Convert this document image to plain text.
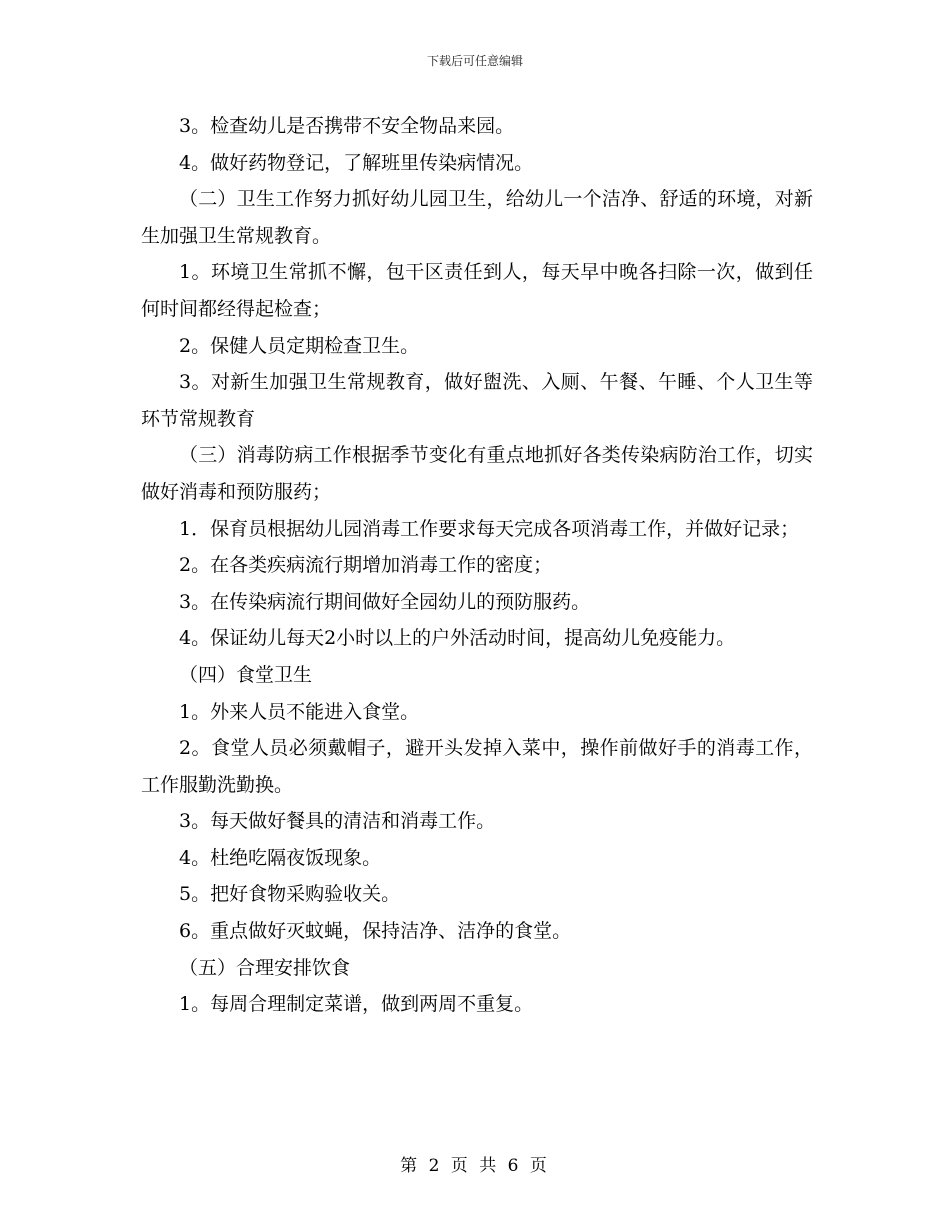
下载后可任意编辑

3。检查幼儿是否携带不安全物品来园。

4。做好药物登记，了解班里传染病情况。

（二）卫生工作努力抓好幼儿园卫生，给幼儿一个洁净、舒适的环境，对新生加强卫生常规教育。

1。环境卫生常抓不懈，包干区责任到人，每天早中晚各扫除一次，做到任何时间都经得起检查；

2。保健人员定期检查卫生。

3。对新生加强卫生常规教育，做好盥洗、入厕、午餐、午睡、个人卫生等环节常规教育

（三）消毒防病工作根据季节变化有重点地抓好各类传染病防治工作，切实做好消毒和预防服药；

1．保育员根据幼儿园消毒工作要求每天完成各项消毒工作，并做好记录；

2。在各类疾病流行期增加消毒工作的密度；

3。在传染病流行期间做好全园幼儿的预防服药。

4。保证幼儿每天2小时以上的户外活动时间，提高幼儿免疫能力。

（四）食堂卫生

1。外来人员不能进入食堂。

2。食堂人员必须戴帽子，避开头发掉入菜中，操作前做好手的消毒工作，工作服勤洗勤换。

3。每天做好餐具的清洁和消毒工作。

4。杜绝吃隔夜饭现象。

5。把好食物采购验收关。

6。重点做好灭蚊蝇，保持洁净、洁净的食堂。

（五）合理安排饮食

1。每周合理制定菜谱，做到两周不重复。

第 2 页 共 6 页
